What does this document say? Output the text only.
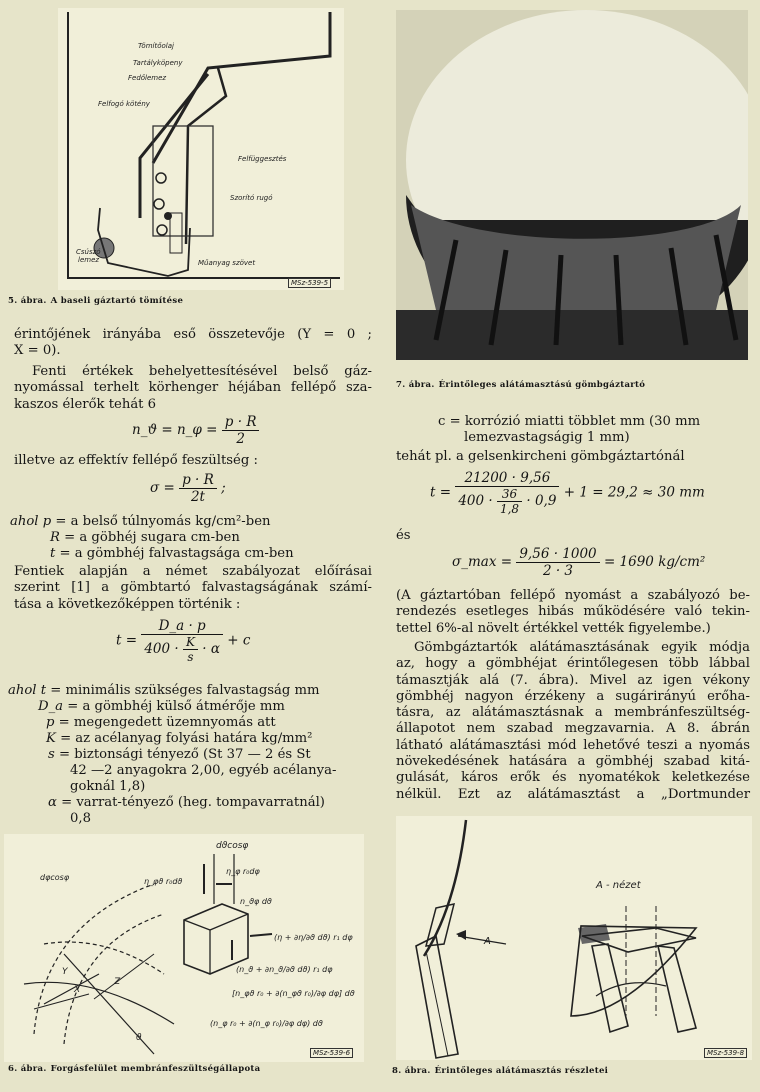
Tömítőolaj
Tartályköpeny
Fedőlemez
Felfogó kötény
Felfüggesztés
Szorító rugó
Csúszó
lemez	Műanyag szövet
MSz-539-5
5. ábra. A baseli gáztartó tömítése
7. ábra. Érintőleges alátámasztású gömbgáztartó
érintőjének irányába eső összetevője (Y = 0 ;
X = 0).
Fenti értékek behelyettesítésével belső gáz-
nyomással terhelt körhenger héjában fellépő sza-
kaszos élerők tehát 6
n_ϑ = n_φ = $\frac{p \cdot R}{2}$
illetve az effektív fellépő feszültség :
$\sigma = \frac{p \cdot R}{2t}$ ;
ahol p = a belső túlnyomás kg/cm²-ben
R = a göbhéj sugara cm-ben
t = a gömbhéj falvastagsága cm-ben
Fentiek alapján a német szabályozat előírásai
szerint [1] a gömbtartó falvastagságának számí-
tása a következőképpen történik :
$t = \frac{D\_a \cdot p}{400 \cdot \frac{K}{s} \cdot \alpha} + c$
ahol t = minimális szükséges falvastagság mm
D_a = a gömbhéj külső átmérője mm
p = megengedett üzemnyomás att
K = az acélanyag folyási határa kg/mm²
s = biztonsági tényező (St 37 — 2 és St
42 —2 anyagokra 2,00, egyéb acélanya-
goknál 1,8)
α = varrat-tényező (heg. tompavarratnál)
0,8
c = korrózió miatti többlet mm (30 mm
lemezvastagságig 1 mm)
tehát pl. a gelsenkircheni gömbgáztartónál
$t = \frac{21200 \cdot 9,56}{400 \cdot \frac{36}{1,8} \cdot 0,9} + 1 = 29,2 \approx 30$ mm
és
σ_max = $\frac{9,56 \cdot 1000}{2 \cdot 3} = 1690$ kg/cm²
(A gáztartóban fellépő nyomást a szabályozó be-
rendezés esetleges hibás működésére való tekin-
tettel 6%-al növelt értékkel vették figyelembe.)
Gömbgáztartók alátámasztásának egyik módja
az, hogy a gömbhéjat érintőlegesen több lábbal
támasztják alá (7. ábra). Mivel az igen vékony
gömbhéj nagyon érzékeny a sugárirányú erőha-
tásra, az alátámasztásnak a membránfeszültség-
állapotot nem szabad megzavarnia. A 8. ábrán
látható alátámasztási mód lehetővé teszi a nyomás
növekedésének hatására a gömbhéj szabad kitá-
gulását, káros erők és nyomatékok keletkezése
nélkül. Ezt az alátámasztást a „Dortmunder
dϑcosφ
dφcosφ	η_φϑ r₀dϑ
η_φ r₀dφ
n_ϑφ dϑ
(η + ∂η/∂ϑ dϑ) r₁ dφ
(n_ϑ + ∂n_ϑ/∂ϑ dϑ) r₁ dφ
[n_φϑ r₀ + ∂(n_φϑ r₀)/∂φ dφ] dϑ
(n_φ r₀ + ∂(n_φ r₀)/∂φ dφ) dϑ
Z
Y
X
ϑ
MSz-539-6
6. ábra. Forgásfelület membránfeszültségállapota
A
A - nézet
MSz-539-8
8. ábra. Érintőleges alátámasztás részletei
